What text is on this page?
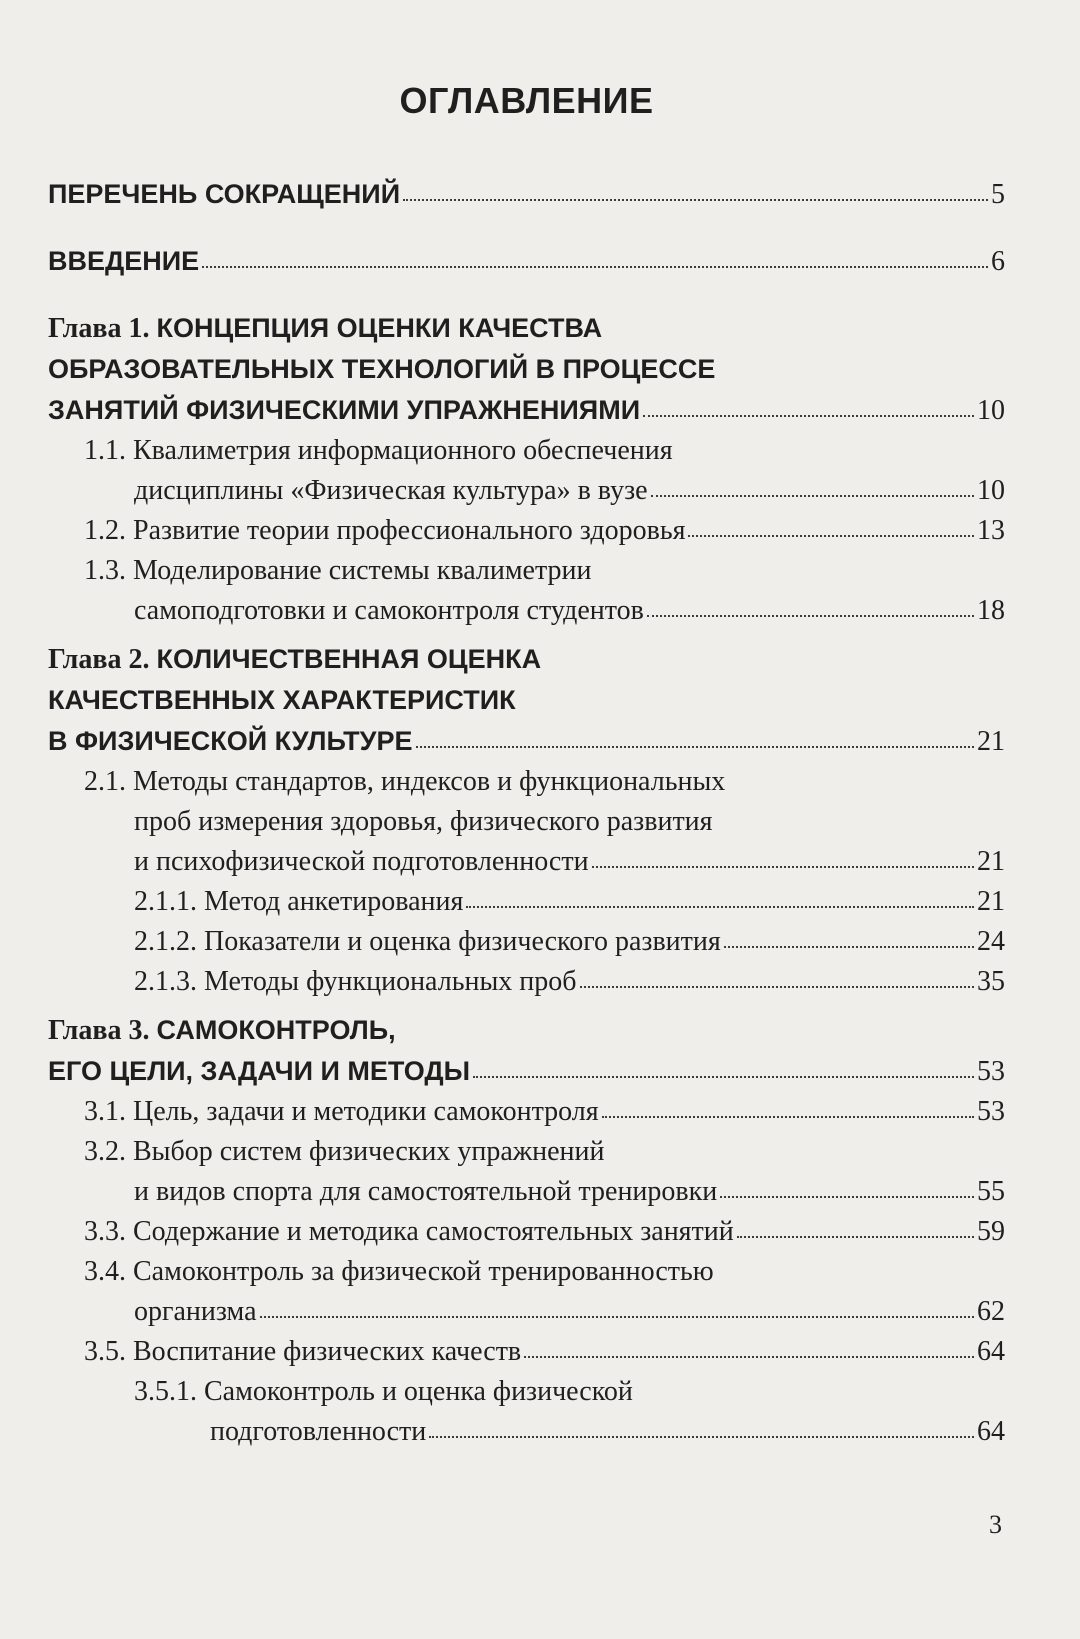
ОГЛАВЛЕНИЕ
ПЕРЕЧЕНЬ СОКРАЩЕНИЙ	5
ВВЕДЕНИЕ	6
Глава 1. КОНЦЕПЦИЯ ОЦЕНКИ КАЧЕСТВА
ОБРАЗОВАТЕЛЬНЫХ ТЕХНОЛОГИЙ В ПРОЦЕССЕ
ЗАНЯТИЙ ФИЗИЧЕСКИМИ УПРАЖНЕНИЯМИ	10
1.1. Квалиметрия информационного обеспечения
дисциплины «Физическая культура» в вузе	10
1.2. Развитие теории профессионального здоровья	13
1.3. Моделирование системы квалиметрии
самоподготовки и самоконтроля студентов	18
Глава 2. КОЛИЧЕСТВЕННАЯ ОЦЕНКА
КАЧЕСТВЕННЫХ ХАРАКТЕРИСТИК
В ФИЗИЧЕСКОЙ КУЛЬТУРЕ	21
2.1. Методы стандартов, индексов и функциональных
проб измерения здоровья, физического развития
и психофизической подготовленности	21
2.1.1. Метод анкетирования	21
2.1.2. Показатели и оценка физического развития	24
2.1.3. Методы функциональных проб	35
Глава 3. САМОКОНТРОЛЬ,
ЕГО ЦЕЛИ, ЗАДАЧИ И МЕТОДЫ	53
3.1. Цель, задачи и методики самоконтроля	53
3.2. Выбор систем физических упражнений
и видов спорта для самостоятельной тренировки	55
3.3. Содержание и методика самостоятельных занятий	59
3.4. Самоконтроль за физической тренированностью
организма	62
3.5. Воспитание физических качеств	64
3.5.1. Самоконтроль и оценка физической
подготовленности	64
3
